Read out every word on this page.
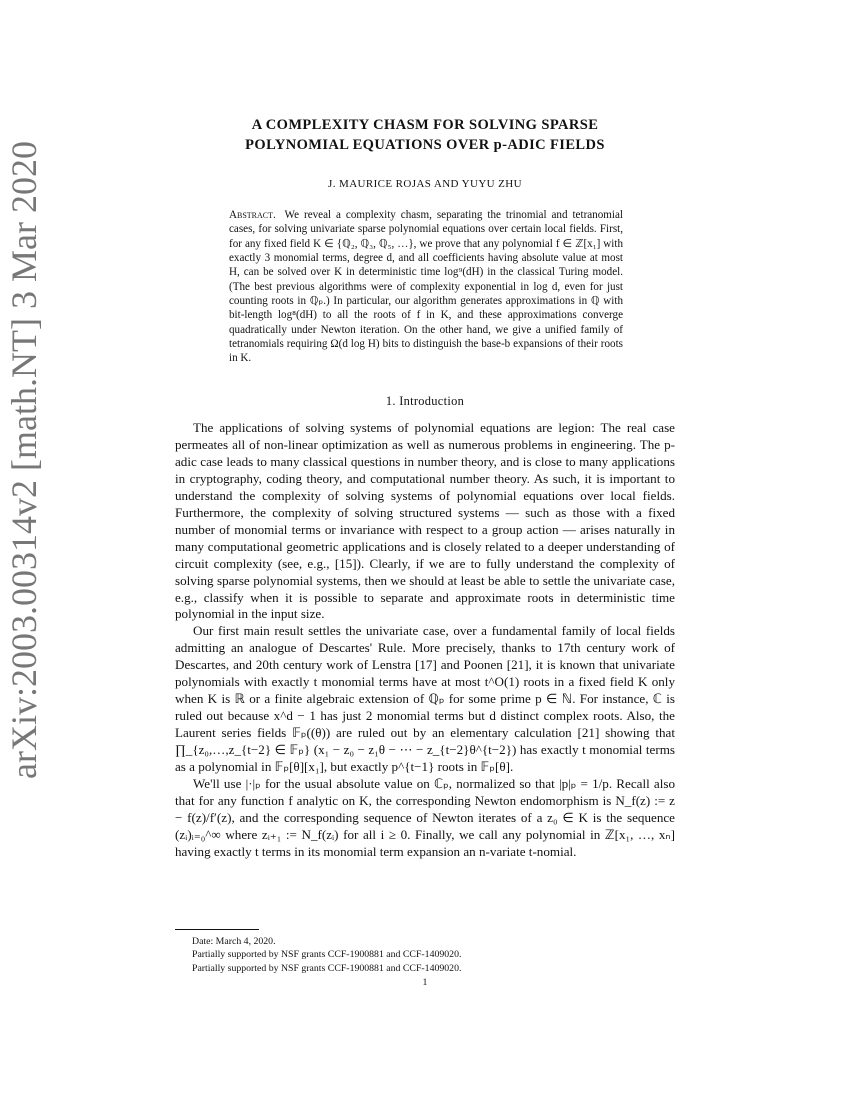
arXiv:2003.00314v2 [math.NT] 3 Mar 2020
A COMPLEXITY CHASM FOR SOLVING SPARSE
POLYNOMIAL EQUATIONS OVER p-ADIC FIELDS
J. MAURICE ROJAS AND YUYU ZHU
Abstract. We reveal a complexity chasm, separating the trinomial and tetranomial cases, for solving univariate sparse polynomial equations over certain local fields. First, for any fixed field K ∈ {ℚ₂, ℚ₃, ℚ₅, …}, we prove that any polynomial f ∈ ℤ[x₁] with exactly 3 monomial terms, degree d, and all coefficients having absolute value at most H, can be solved over K in deterministic time log⁹(dH) in the classical Turing model. (The best previous algorithms were of complexity exponential in log d, even for just counting roots in ℚₚ.) In particular, our algorithm generates approximations in ℚ with bit-length log⁸(dH) to all the roots of f in K, and these approximations converge quadratically under Newton iteration. On the other hand, we give a unified family of tetranomials requiring Ω(d log H) bits to distinguish the base-b expansions of their roots in K.
1. Introduction

The applications of solving systems of polynomial equations are legion: The real case permeates all of non-linear optimization as well as numerous problems in engineering. The p-adic case leads to many classical questions in number theory, and is close to many applications in cryptography, coding theory, and computational number theory. As such, it is important to understand the complexity of solving systems of polynomial equations over local fields. Furthermore, the complexity of solving structured systems — such as those with a fixed number of monomial terms or invariance with respect to a group action — arises naturally in many computational geometric applications and is closely related to a deeper understanding of circuit complexity (see, e.g., [15]). Clearly, if we are to fully understand the complexity of solving sparse polynomial systems, then we should at least be able to settle the univariate case, e.g., classify when it is possible to separate and approximate roots in deterministic time polynomial in the input size.

Our first main result settles the univariate case, over a fundamental family of local fields admitting an analogue of Descartes' Rule. More precisely, thanks to 17th century work of Descartes, and 20th century work of Lenstra [17] and Poonen [21], it is known that univariate polynomials with exactly t monomial terms have at most t^O(1) roots in a fixed field K only when K is ℝ or a finite algebraic extension of ℚₚ for some prime p ∈ ℕ. For instance, ℂ is ruled out because x^d − 1 has just 2 monomial terms but d distinct complex roots. Also, the Laurent series fields 𝔽ₚ((θ)) are ruled out by an elementary calculation [21] showing that ∏_{z₀,…,z_{t−2} ∈ 𝔽ₚ} (x₁ − z₀ − z₁θ − ⋯ − z_{t−2}θ^{t−2}) has exactly t monomial terms as a polynomial in 𝔽ₚ[θ][x₁], but exactly p^{t−1} roots in 𝔽ₚ[θ].

We'll use |·|ₚ for the usual absolute value on ℂₚ, normalized so that |p|ₚ = 1/p. Recall also that for any function f analytic on K, the corresponding Newton endomorphism is N_f(z) := z − f(z)/f′(z), and the corresponding sequence of Newton iterates of a z₀ ∈ K is the sequence (zᵢ)ᵢ₌₀^∞ where zᵢ₊₁ := N_f(zᵢ) for all i ≥ 0. Finally, we call any polynomial in ℤ[x₁, …, xₙ] having exactly t terms in its monomial term expansion an n-variate t-nomial.

Date: March 4, 2020.
Partially supported by NSF grants CCF-1900881 and CCF-1409020.
Partially supported by NSF grants CCF-1900881 and CCF-1409020.
1
